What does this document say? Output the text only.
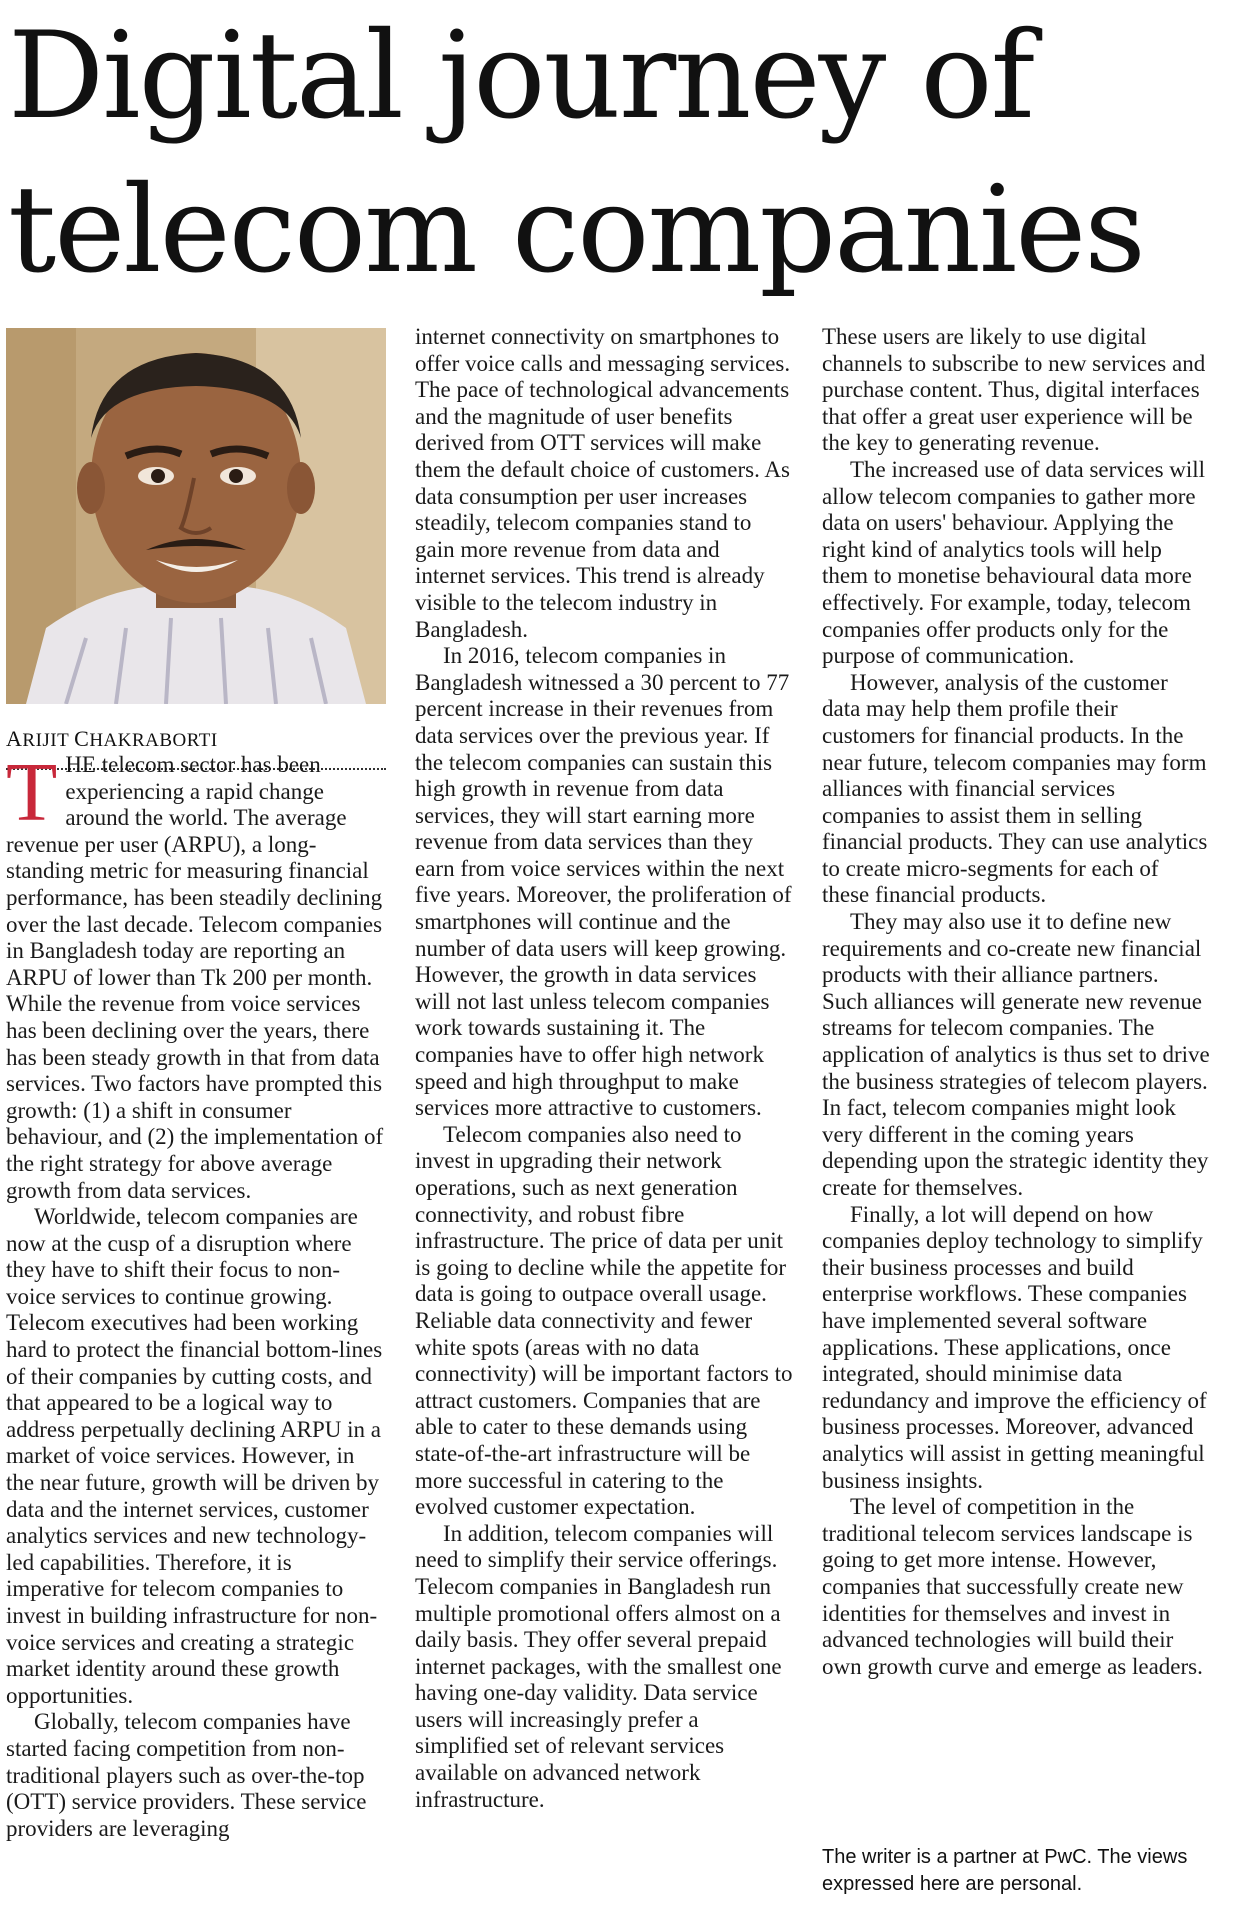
Digital journey of
telecom companies
ARIJIT CHAKRABORTI

THE telecom sector has been experiencing a rapid change around the world. The average revenue per user (ARPU), a long-standing metric for measuring financial performance, has been steadily declining over the last decade. Telecom companies in Bangladesh today are reporting an ARPU of lower than Tk 200 per month. While the revenue from voice services has been declining over the years, there has been steady growth in that from data services. Two factors have prompted this growth: (1) a shift in consumer behaviour, and (2) the implementation of the right strategy for above average growth from data services.

Worldwide, telecom companies are now at the cusp of a disruption where they have to shift their focus to non-voice services to continue growing. Telecom executives had been working hard to protect the financial bottom-lines of their companies by cutting costs, and that appeared to be a logical way to address perpetually declining ARPU in a market of voice services. However, in the near future, growth will be driven by data and the internet services, customer analytics services and new technology-led capabilities. Therefore, it is imperative for telecom companies to invest in building infrastructure for non-voice services and creating a strategic market identity around these growth opportunities.

Globally, telecom companies have started facing competition from non-traditional players such as over-the-top (OTT) service providers. These service providers are leveraging

internet connectivity on smartphones to offer voice calls and messaging services. The pace of technological advancements and the magnitude of user benefits derived from OTT services will make them the default choice of customers. As data consumption per user increases steadily, telecom companies stand to gain more revenue from data and internet services. This trend is already visible to the telecom industry in Bangladesh.

In 2016, telecom companies in Bangladesh witnessed a 30 percent to 77 percent increase in their revenues from data services over the previous year. If the telecom companies can sustain this high growth in revenue from data services, they will start earning more revenue from data services than they earn from voice services within the next five years. Moreover, the proliferation of smartphones will continue and the number of data users will keep growing. However, the growth in data services will not last unless telecom companies work towards sustaining it. The companies have to offer high network speed and high throughput to make services more attractive to customers.

Telecom companies also need to invest in upgrading their network operations, such as next generation connectivity, and robust fibre infrastructure. The price of data per unit is going to decline while the appetite for data is going to outpace overall usage. Reliable data connectivity and fewer white spots (areas with no data connectivity) will be important factors to attract customers. Companies that are able to cater to these demands using state-of-the-art infrastructure will be more successful in catering to the evolved customer expectation.

In addition, telecom companies will need to simplify their service offerings. Telecom companies in Bangladesh run multiple promotional offers almost on a daily basis. They offer several prepaid internet packages, with the smallest one having one-day validity. Data service users will increasingly prefer a simplified set of relevant services available on advanced network infrastructure.

These users are likely to use digital channels to subscribe to new services and purchase content. Thus, digital interfaces that offer a great user experience will be the key to generating revenue.

The increased use of data services will allow telecom companies to gather more data on users' behaviour. Applying the right kind of analytics tools will help them to monetise behavioural data more effectively. For example, today, telecom companies offer products only for the purpose of communication.

However, analysis of the customer data may help them profile their customers for financial products. In the near future, telecom companies may form alliances with financial services companies to assist them in selling financial products. They can use analytics to create micro-segments for each of these financial products.

They may also use it to define new requirements and co-create new financial products with their alliance partners. Such alliances will generate new revenue streams for telecom companies. The application of analytics is thus set to drive the business strategies of telecom players. In fact, telecom companies might look very different in the coming years depending upon the strategic identity they create for themselves.

Finally, a lot will depend on how companies deploy technology to simplify their business processes and build enterprise workflows. These companies have implemented several software applications. These applications, once integrated, should minimise data redundancy and improve the efficiency of business processes. Moreover, advanced analytics will assist in getting meaningful business insights.

The level of competition in the traditional telecom services landscape is going to get more intense. However, companies that successfully create new identities for themselves and invest in advanced technologies will build their own growth curve and emerge as leaders.

The writer is a partner at PwC. The views expressed here are personal.
